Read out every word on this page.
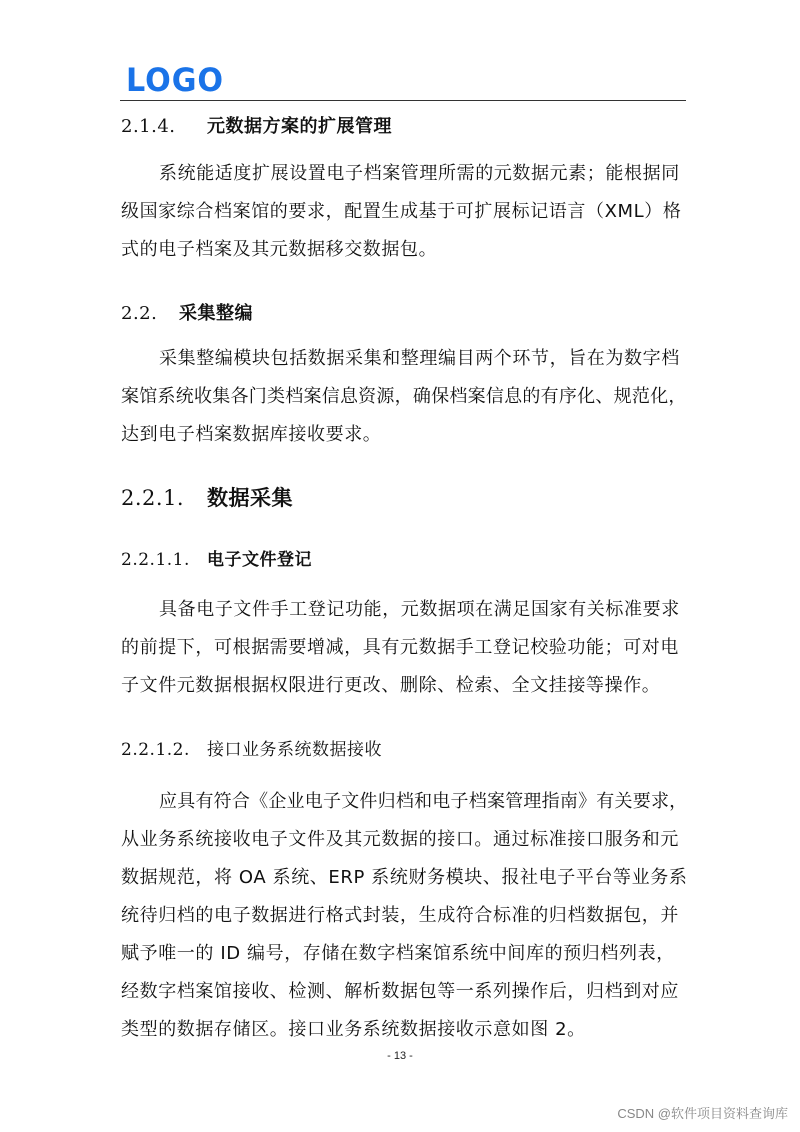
LOGO
2.1.4. 元数据方案的扩展管理
系统能适度扩展设置电子档案管理所需的元数据元素；能根据同
级国家综合档案馆的要求，配置生成基于可扩展标记语言（XML）格
式的电子档案及其元数据移交数据包。
2.2. 采集整编
采集整编模块包括数据采集和整理编目两个环节，旨在为数字档
案馆系统收集各门类档案信息资源，确保档案信息的有序化、规范化，
达到电子档案数据库接收要求。
2.2.1. 数据采集
2.2.1.1. 电子文件登记
具备电子文件手工登记功能，元数据项在满足国家有关标准要求
的前提下，可根据需要增减，具有元数据手工登记校验功能；可对电
子文件元数据根据权限进行更改、删除、检索、全文挂接等操作。
2.2.1.2. 接口业务系统数据接收
应具有符合《企业电子文件归档和电子档案管理指南》有关要求，
从业务系统接收电子文件及其元数据的接口。通过标准接口服务和元
数据规范，将 OA 系统、ERP 系统财务模块、报社电子平台等业务系
统待归档的电子数据进行格式封装，生成符合标准的归档数据包，并
赋予唯一的 ID 编号，存储在数字档案馆系统中间库的预归档列表，
经数字档案馆接收、检测、解析数据包等一系列操作后，归档到对应
类型的数据存储区。接口业务系统数据接收示意如图 2。
- 13 -
CSDN @软件项目资料查询库
